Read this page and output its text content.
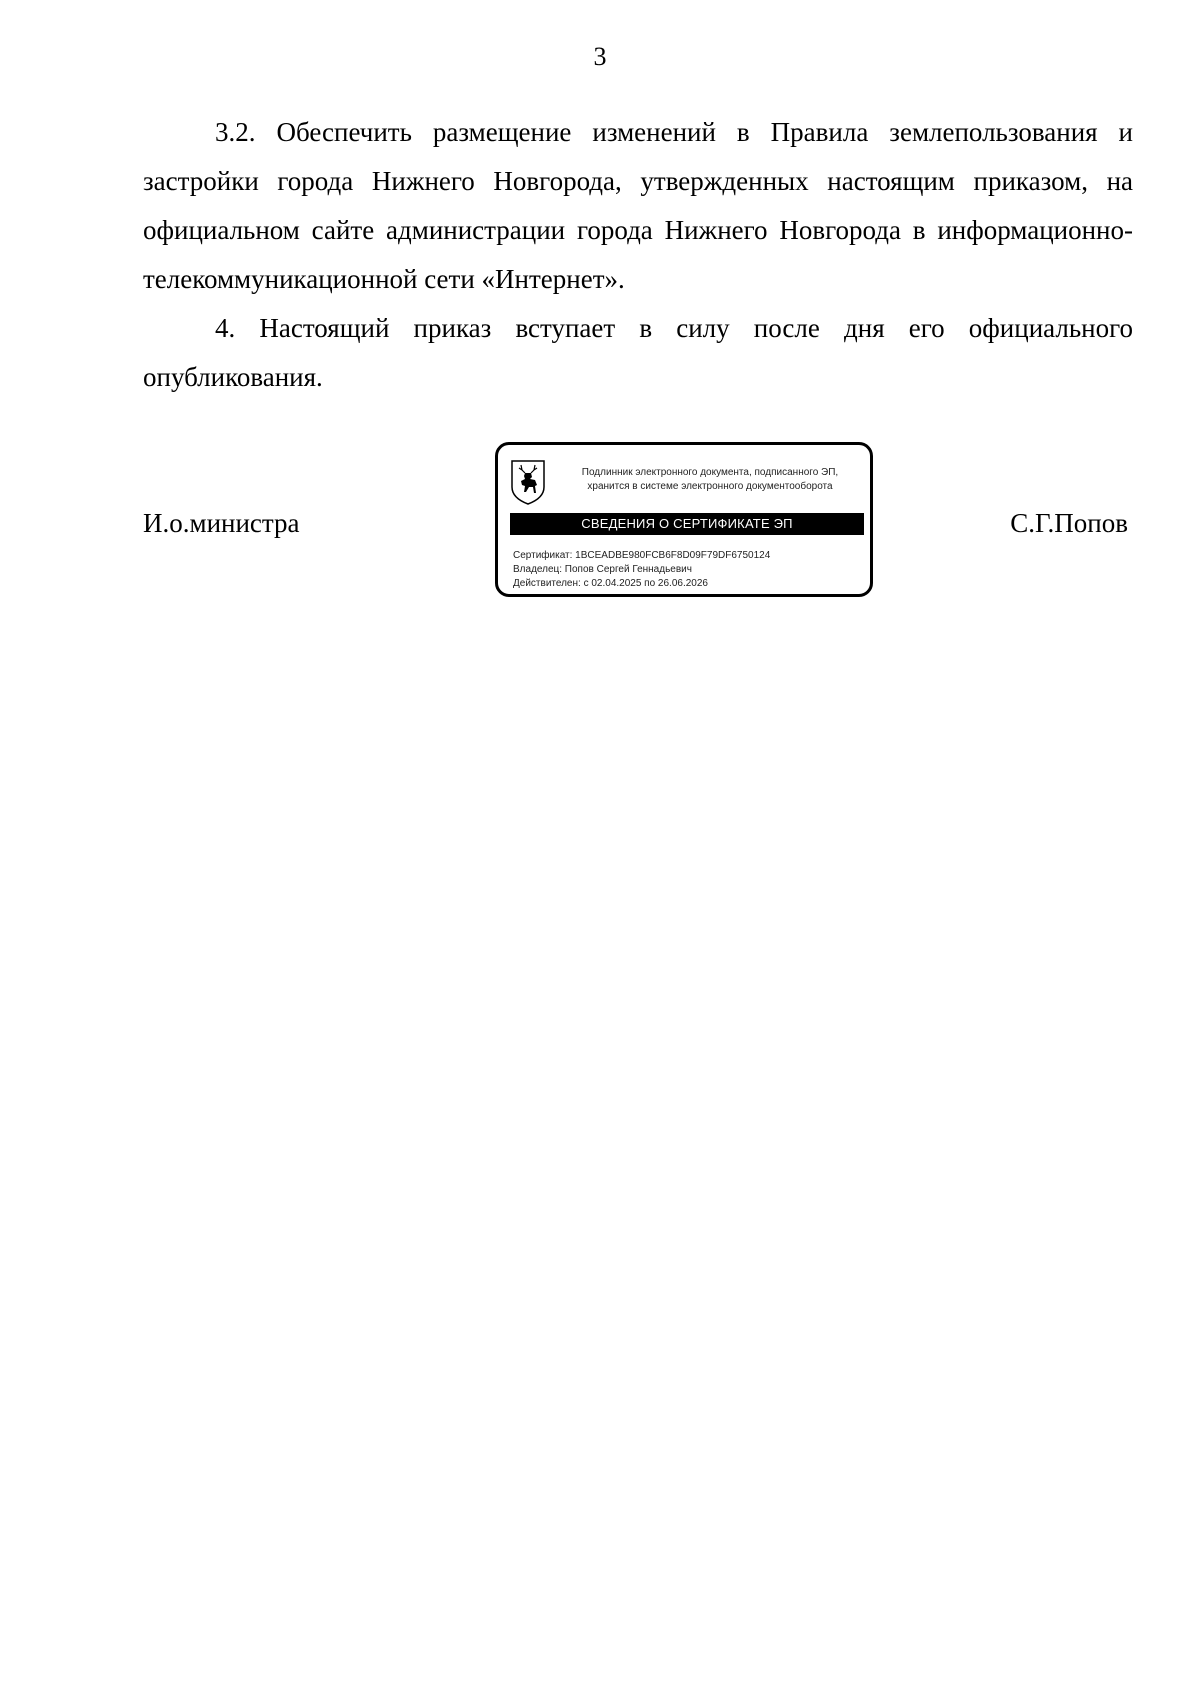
3

3.2. Обеспечить размещение изменений в Правила землепользования и застройки города Нижнего Новгорода, утвержденных настоящим приказом, на официальном сайте администрации города Нижнего Новгорода в информационно-телекоммуникационной сети «Интернет».

4. Настоящий приказ вступает в силу после дня его официального опубликования.

И.о.министра	С.Г.Попов
Подлинник электронного документа, подписанного ЭП,
хранится в системе электронного документооборота
СВЕДЕНИЯ О СЕРТИФИКАТЕ ЭП
Сертификат: 1BCEADBE980FCB6F8D09F79DF6750124
Владелец: Попов Сергей Геннадьевич
Действителен: с 02.04.2025 по 26.06.2026
